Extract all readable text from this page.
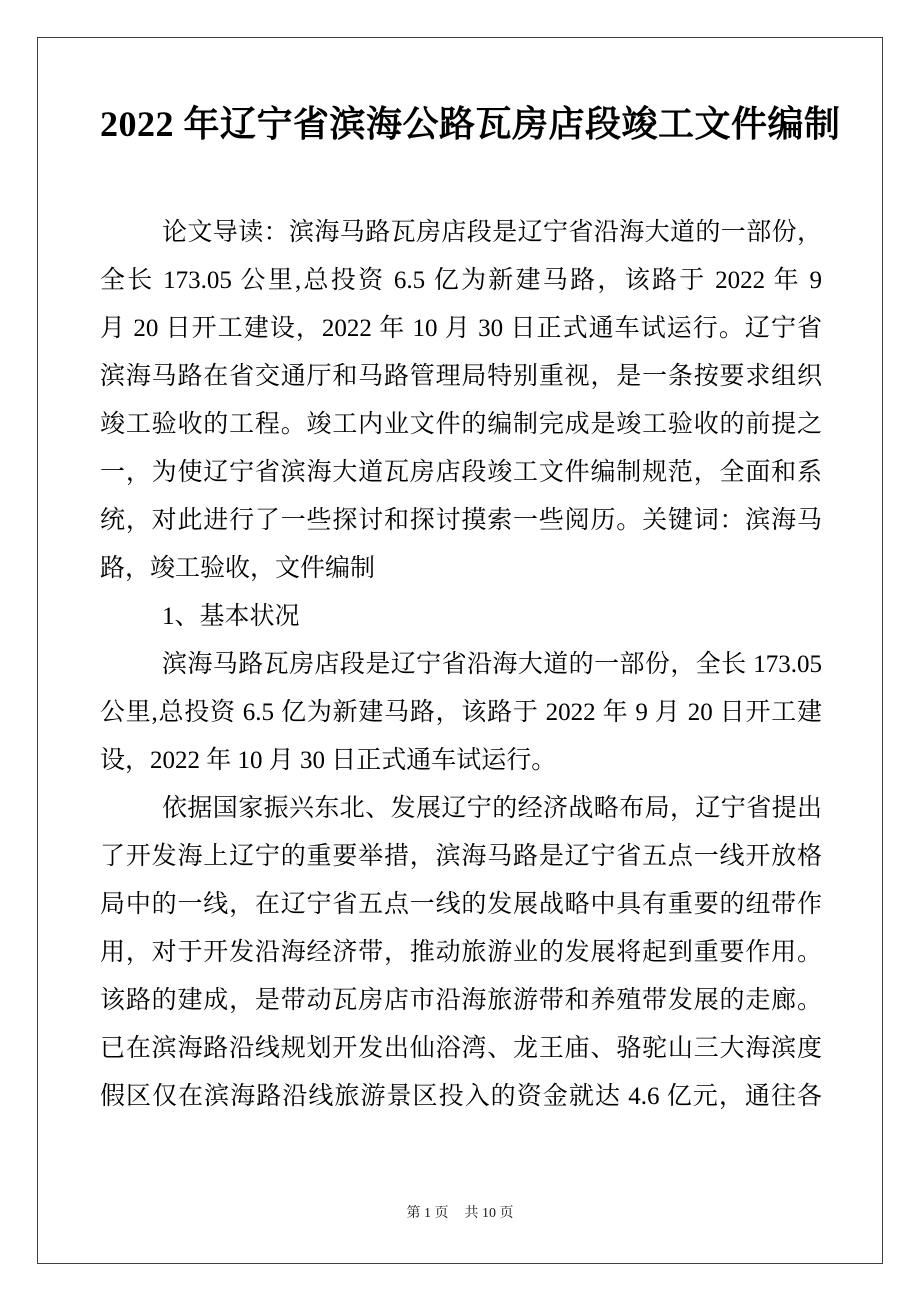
2022 年辽宁省滨海公路瓦房店段竣工文件编制
论文导读：滨海马路瓦房店段是辽宁省沿海大道的一部份，
全长 173.05 公里,总投资 6.5 亿为新建马路，该路于 2022 年 9
月 20 日开工建设，2022 年 10 月 30 日正式通车试运行。辽宁省
滨海马路在省交通厅和马路管理局特别重视，是一条按要求组织
竣工验收的工程。竣工内业文件的编制完成是竣工验收的前提之
一，为使辽宁省滨海大道瓦房店段竣工文件编制规范，全面和系
统，对此进行了一些探讨和探讨摸索一些阅历。关键词：滨海马
路，竣工验收，文件编制
1、基本状况
滨海马路瓦房店段是辽宁省沿海大道的一部份，全长 173.05
公里,总投资 6.5 亿为新建马路，该路于 2022 年 9 月 20 日开工建
设，2022 年 10 月 30 日正式通车试运行。
依据国家振兴东北、发展辽宁的经济战略布局，辽宁省提出
了开发海上辽宁的重要举措，滨海马路是辽宁省五点一线开放格
局中的一线，在辽宁省五点一线的发展战略中具有重要的纽带作
用，对于开发沿海经济带，推动旅游业的发展将起到重要作用。
该路的建成，是带动瓦房店市沿海旅游带和养殖带发展的走廊。
已在滨海路沿线规划开发出仙浴湾、龙王庙、骆驼山三大海滨度
假区仅在滨海路沿线旅游景区投入的资金就达 4.6 亿元，通往各
第 1 页 共 10 页
